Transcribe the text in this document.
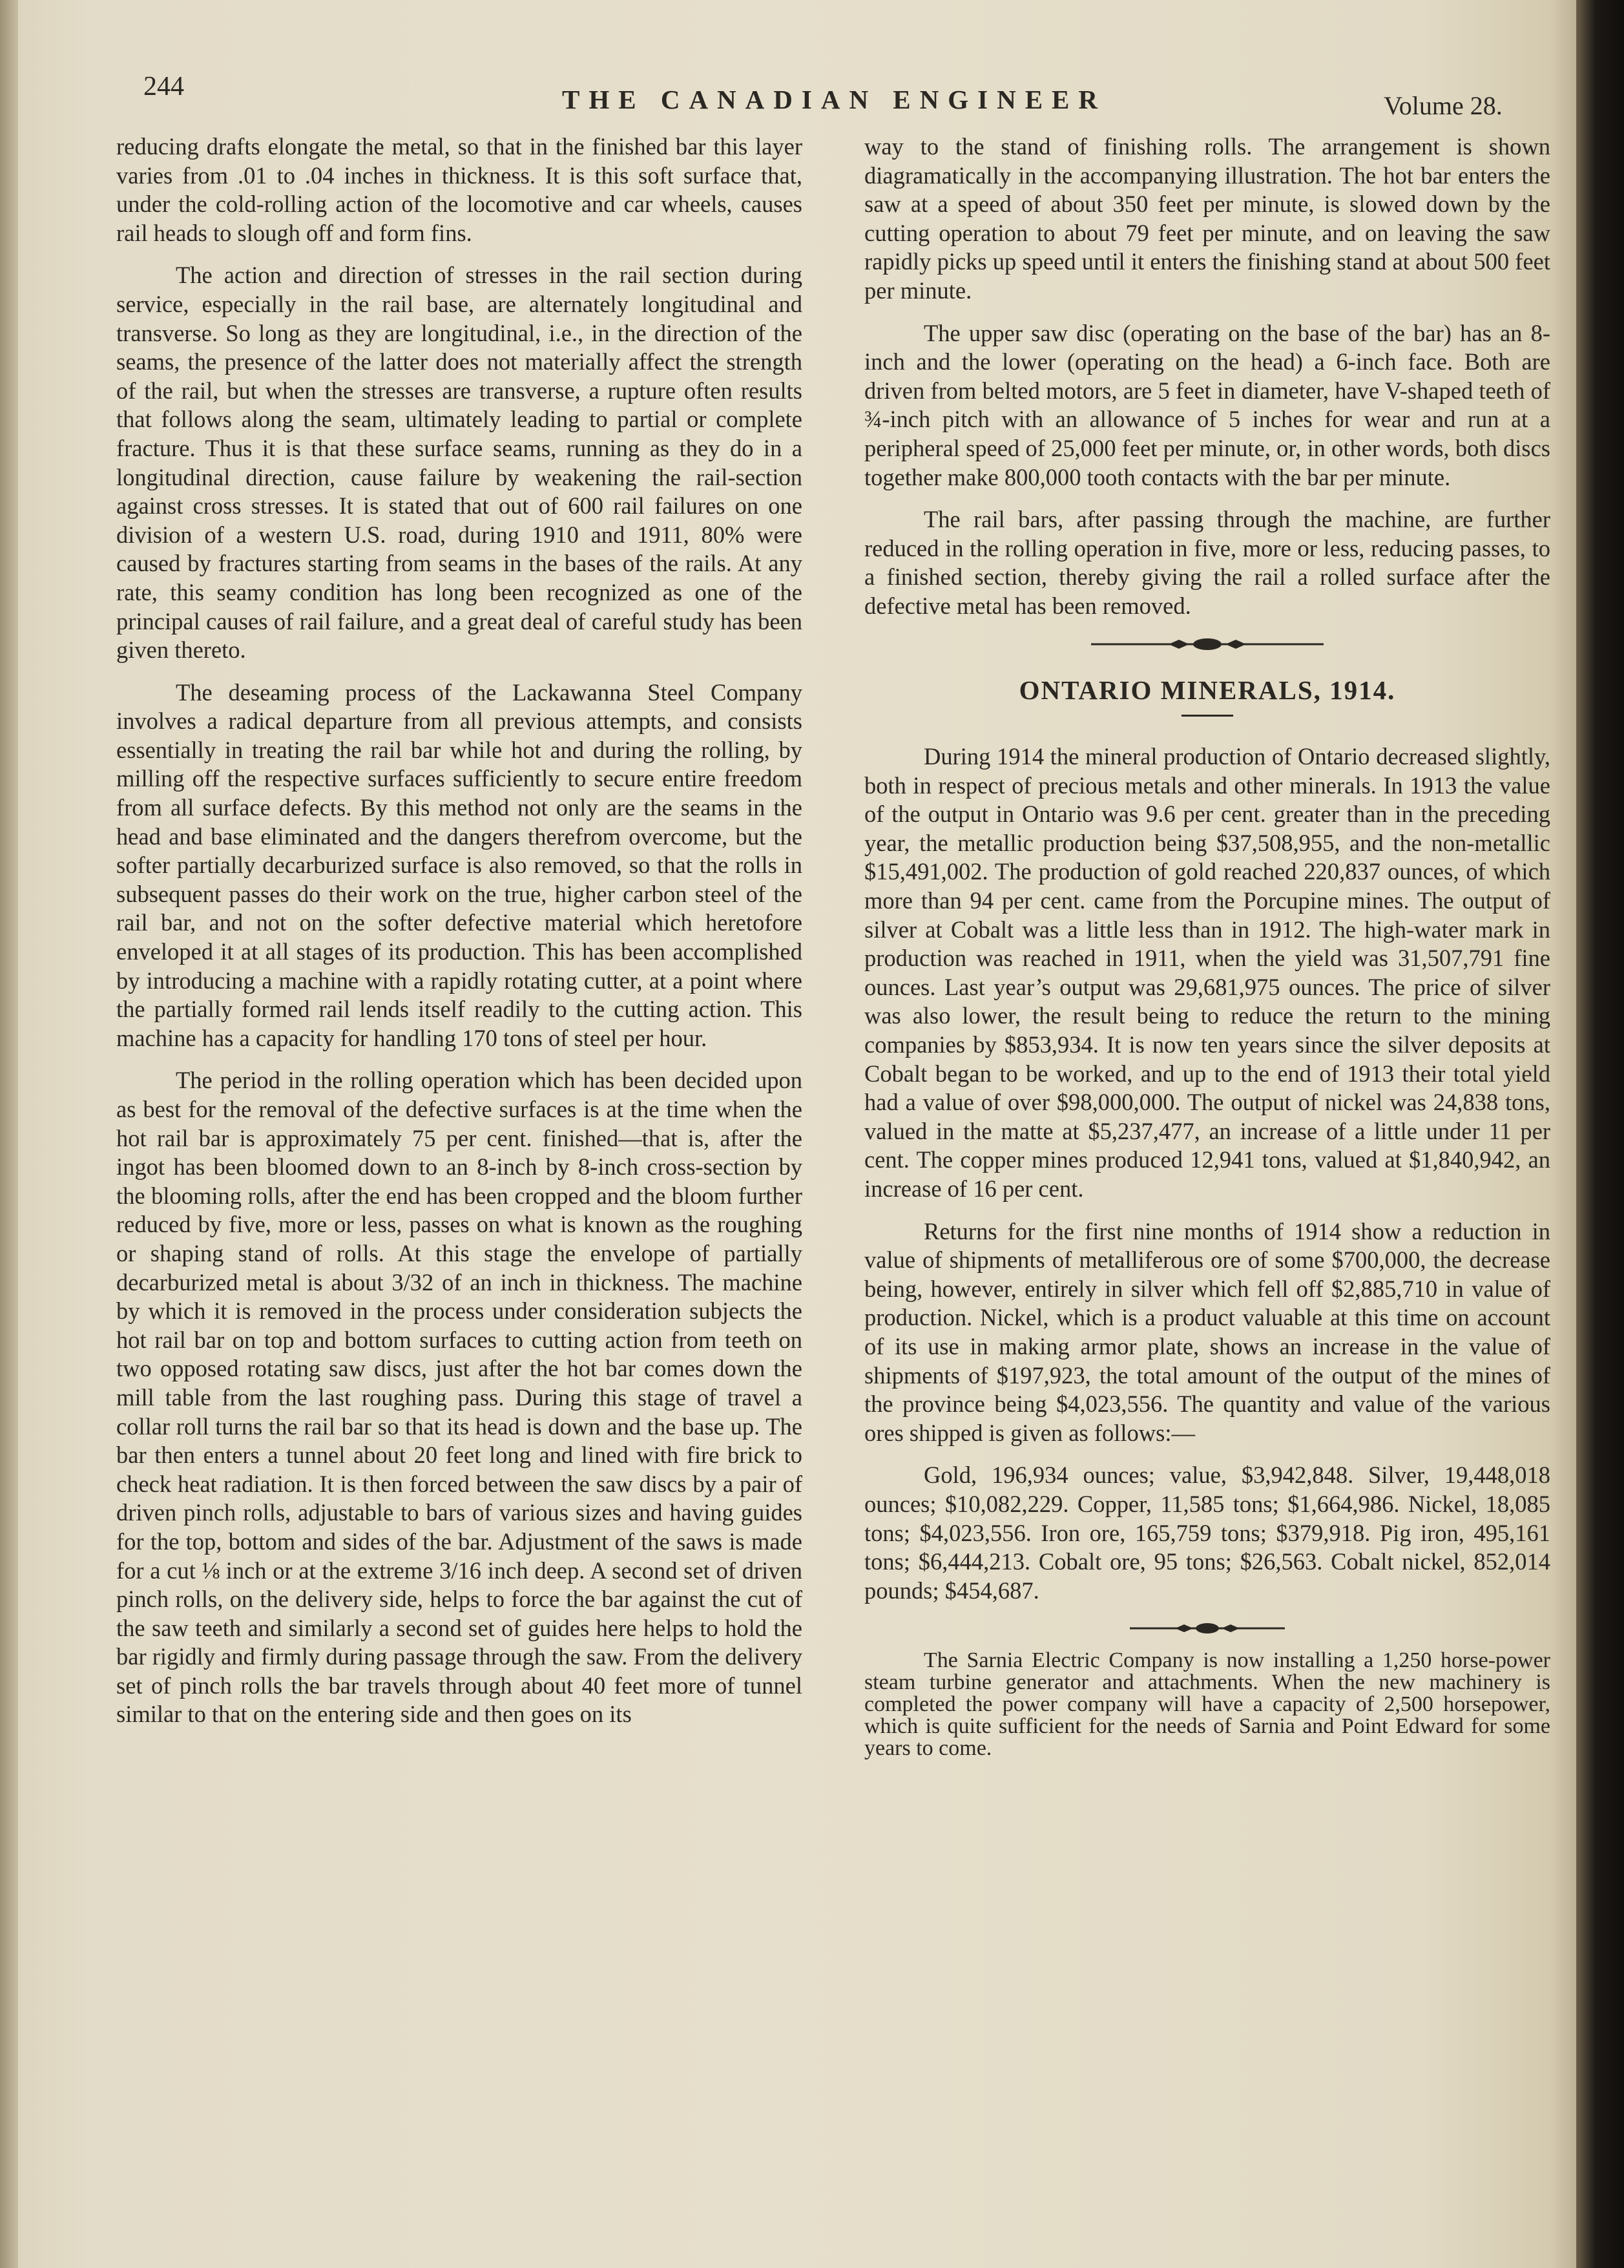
244	THE CANADIAN ENGINEER	Volume 28.

reducing drafts elongate the metal, so that in the finished bar this layer varies from .01 to .04 inches in thickness. It is this soft surface that, under the cold-rolling action of the locomotive and car wheels, causes rail heads to slough off and form fins.

The action and direction of stresses in the rail section during service, especially in the rail base, are alternately longitudinal and transverse. So long as they are longitudinal, i.e., in the direction of the seams, the presence of the latter does not materially affect the strength of the rail, but when the stresses are transverse, a rupture often results that follows along the seam, ultimately leading to partial or complete fracture. Thus it is that these surface seams, running as they do in a longitudinal direction, cause failure by weakening the rail-section against cross stresses. It is stated that out of 600 rail failures on one division of a western U.S. road, during 1910 and 1911, 80% were caused by fractures starting from seams in the bases of the rails. At any rate, this seamy condition has long been recognized as one of the principal causes of rail failure, and a great deal of careful study has been given thereto.

The deseaming process of the Lackawanna Steel Company involves a radical departure from all previous attempts, and consists essentially in treating the rail bar while hot and during the rolling, by milling off the respective surfaces sufficiently to secure entire freedom from all surface defects. By this method not only are the seams in the head and base eliminated and the dangers therefrom overcome, but the softer partially decarburized surface is also removed, so that the rolls in subsequent passes do their work on the true, higher carbon steel of the rail bar, and not on the softer defective material which heretofore enveloped it at all stages of its production. This has been accomplished by introducing a machine with a rapidly rotating cutter, at a point where the partially formed rail lends itself readily to the cutting action. This machine has a capacity for handling 170 tons of steel per hour.

The period in the rolling operation which has been decided upon as best for the removal of the defective surfaces is at the time when the hot rail bar is approximately 75 per cent. finished—that is, after the ingot has been bloomed down to an 8-inch by 8-inch cross-section by the blooming rolls, after the end has been cropped and the bloom further reduced by five, more or less, passes on what is known as the roughing or shaping stand of rolls. At this stage the envelope of partially decarburized metal is about 3/32 of an inch in thickness. The machine by which it is removed in the process under consideration subjects the hot rail bar on top and bottom surfaces to cutting action from teeth on two opposed rotating saw discs, just after the hot bar comes down the mill table from the last roughing pass. During this stage of travel a collar roll turns the rail bar so that its head is down and the base up. The bar then enters a tunnel about 20 feet long and lined with fire brick to check heat radiation. It is then forced between the saw discs by a pair of driven pinch rolls, adjustable to bars of various sizes and having guides for the top, bottom and sides of the bar. Adjustment of the saws is made for a cut ⅛ inch or at the extreme 3/16 inch deep. A second set of driven pinch rolls, on the delivery side, helps to force the bar against the cut of the saw teeth and similarly a second set of guides here helps to hold the bar rigidly and firmly during passage through the saw. From the delivery set of pinch rolls the bar travels through about 40 feet more of tunnel similar to that on the entering side and then goes on its

way to the stand of finishing rolls. The arrangement is shown diagramatically in the accompanying illustration. The hot bar enters the saw at a speed of about 350 feet per minute, is slowed down by the cutting operation to about 79 feet per minute, and on leaving the saw rapidly picks up speed until it enters the finishing stand at about 500 feet per minute.

The upper saw disc (operating on the base of the bar) has an 8-inch and the lower (operating on the head) a 6-inch face. Both are driven from belted motors, are 5 feet in diameter, have V-shaped teeth of ¾-inch pitch with an allowance of 5 inches for wear and run at a peripheral speed of 25,000 feet per minute, or, in other words, both discs together make 800,000 tooth contacts with the bar per minute.

The rail bars, after passing through the machine, are further reduced in the rolling operation in five, more or less, reducing passes, to a finished section, thereby giving the rail a rolled surface after the defective metal has been removed.

ONTARIO MINERALS, 1914.

During 1914 the mineral production of Ontario decreased slightly, both in respect of precious metals and other minerals. In 1913 the value of the output in Ontario was 9.6 per cent. greater than in the preceding year, the metallic production being $37,508,955, and the non-metallic $15,491,002. The production of gold reached 220,837 ounces, of which more than 94 per cent. came from the Porcupine mines. The output of silver at Cobalt was a little less than in 1912. The high-water mark in production was reached in 1911, when the yield was 31,507,791 fine ounces. Last year’s output was 29,681,975 ounces. The price of silver was also lower, the result being to reduce the return to the mining companies by $853,934. It is now ten years since the silver deposits at Cobalt began to be worked, and up to the end of 1913 their total yield had a value of over $98,000,000. The output of nickel was 24,838 tons, valued in the matte at $5,237,477, an increase of a little under 11 per cent. The copper mines produced 12,941 tons, valued at $1,840,942, an increase of 16 per cent.

Returns for the first nine months of 1914 show a reduction in value of shipments of metalliferous ore of some $700,000, the decrease being, however, entirely in silver which fell off $2,885,710 in value of production. Nickel, which is a product valuable at this time on account of its use in making armor plate, shows an increase in the value of shipments of $197,923, the total amount of the output of the mines of the province being $4,023,556. The quantity and value of the various ores shipped is given as follows:—

Gold, 196,934 ounces; value, $3,942,848. Silver, 19,448,018 ounces; $10,082,229. Copper, 11,585 tons; $1,664,986. Nickel, 18,085 tons; $4,023,556. Iron ore, 165,759 tons; $379,918. Pig iron, 495,161 tons; $6,444,213. Cobalt ore, 95 tons; $26,563. Cobalt nickel, 852,014 pounds; $454,687.

The Sarnia Electric Company is now installing a 1,250 horse-power steam turbine generator and attachments. When the new machinery is completed the power company will have a capacity of 2,500 horsepower, which is quite sufficient for the needs of Sarnia and Point Edward for some years to come.
